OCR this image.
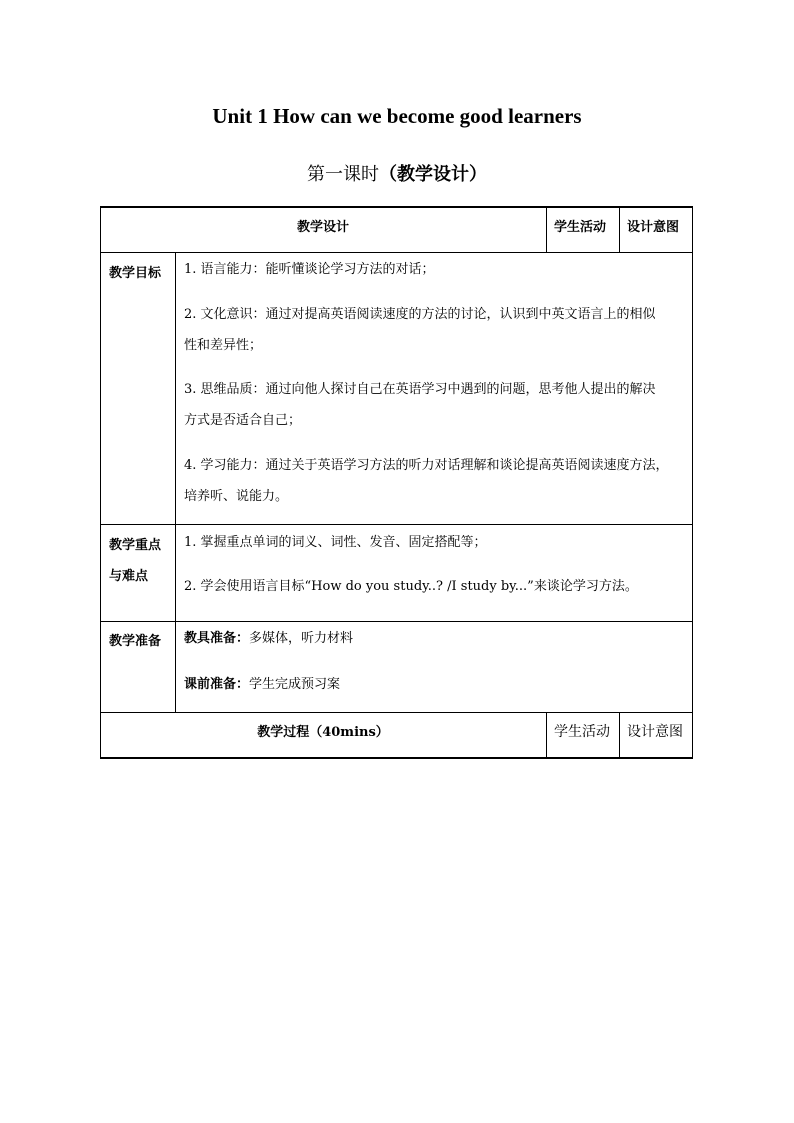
Unit 1 How can we become good learners
第一课时（教学设计）
教学设计	学生活动 设计意图
教学目标 1. 语言能力：能听懂谈论学习方法的对话；
2. 文化意识：通过对提高英语阅读速度的方法的讨论，认识到中英文语言上的相似
性和差异性；
3. 思维品质：通过向他人探讨自己在英语学习中遇到的问题，思考他人提出的解决
方式是否适合自己；
4. 学习能力：通过关于英语学习方法的听力对话理解和谈论提高英语阅读速度方法，
培养听、说能力。
教学重点
与难点
1. 掌握重点单词的词义、词性、发音、固定搭配等；
2. 学会使用语言目标“How do you study..? /I study by...”来谈论学习方法。
教学准备 教具准备：多媒体，听力材料
课前准备：学生完成预习案
教学过程（40mins）	学生活动 设计意图
